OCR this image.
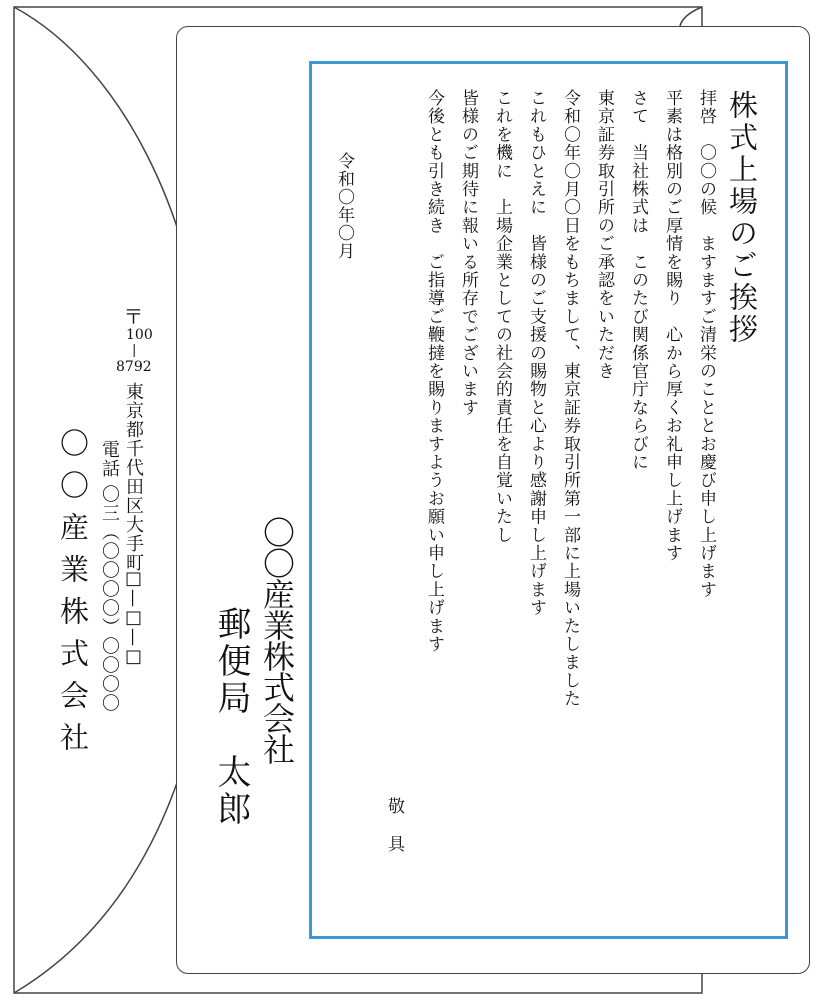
〒
100
|
8792
東京都千代田区大手町
□—□—□
電話 〇三（〇〇〇〇）〇〇〇〇
〇〇産業株式会社	〇〇産業株式会社
郵便局　太郎
株式上場のご挨拶
拝啓　〇〇の候　ますますご清栄のこととお慶び申し上げます
平素は格別のご厚情を賜り　心から厚くお礼申し上げます
さて　当社株式は　このたび関係官庁ならびに
東京証券取引所のご承認をいただき
令和〇年〇月〇日をもちまして、東京証券取引所第一部に上場いたしました
これもひとえに　皆様のご支援の賜物と心より感謝申し上げます
これを機に　上場企業としての社会的責任を自覚いたし
皆様のご期待に報いる所存でございます
今後とも引き続き　ご指導ご鞭撻を賜りますようお願い申し上げます
敬　具
令和〇年〇月
